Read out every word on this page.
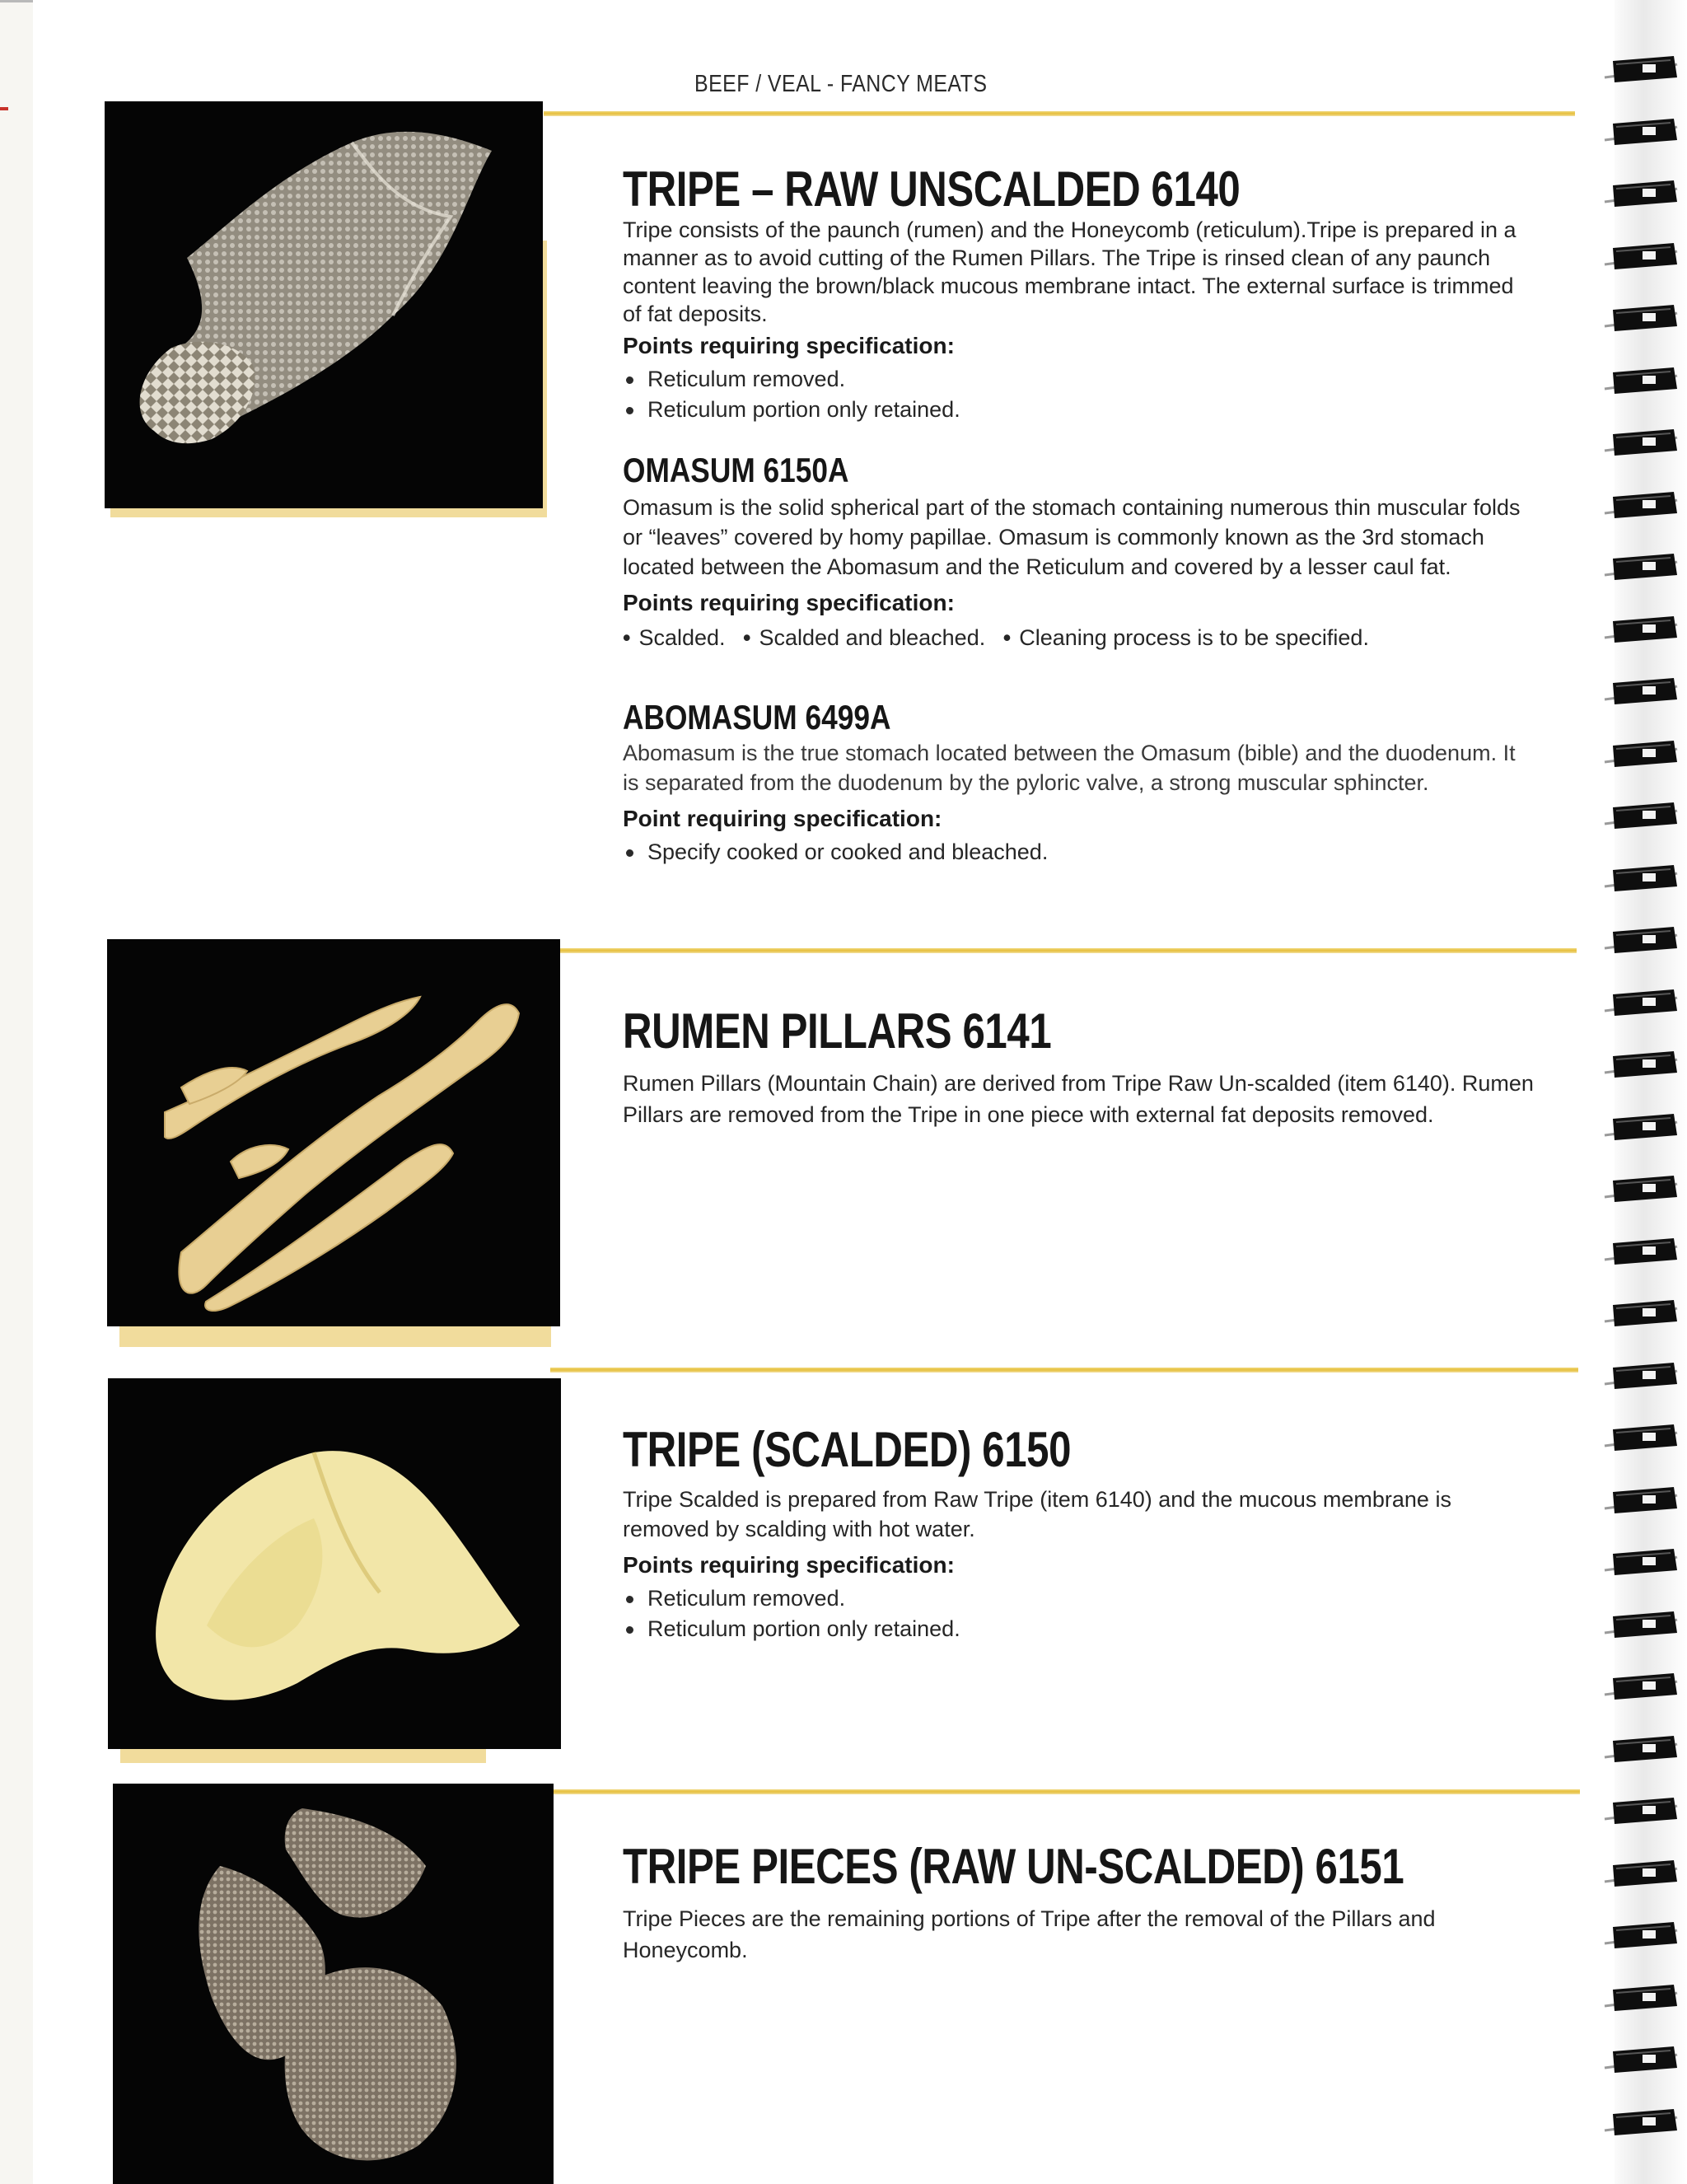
BEEF / VEAL - FANCY MEATS
TRIPE – RAW UNSCALDED 6140

Tripe consists of the paunch (rumen) and the Honeycomb (reticulum).Tripe is prepared in a manner as to avoid cutting of the Rumen Pillars. The Tripe is rinsed clean of any paunch content leaving the brown/black mucous membrane intact. The external surface is trimmed of fat deposits.

Points requiring specification:

Reticulum removed.
Reticulum portion only retained.
OMASUM 6150A

Omasum is the solid spherical part of the stomach containing numerous thin muscular folds or “leaves” covered by homy papillae. Omasum is commonly known as the 3rd stomach located between the Abomasum and the Reticulum and covered by a lesser caul fat.

Points requiring specification:

• Scalded. • Scalded and bleached. • Cleaning process is to be specified.

ABOMASUM 6499A

Abomasum is the true stomach located between the Omasum (bible) and the duodenum. It is separated from the duodenum by the pyloric valve, a strong muscular sphincter.

Point requiring specification:

Specify cooked or cooked and bleached.
RUMEN PILLARS 6141

Rumen Pillars (Mountain Chain) are derived from Tripe Raw Un-scalded (item 6140). Rumen Pillars are removed from the Tripe in one piece with external fat deposits removed.

TRIPE (SCALDED) 6150

Tripe Scalded is prepared from Raw Tripe (item 6140) and the mucous membrane is removed by scalding with hot water.

Points requiring specification:

Reticulum removed.
Reticulum portion only retained.
TRIPE PIECES (RAW UN-SCALDED) 6151

Tripe Pieces are the remaining portions of Tripe after the removal of the Pillars and Honeycomb.
